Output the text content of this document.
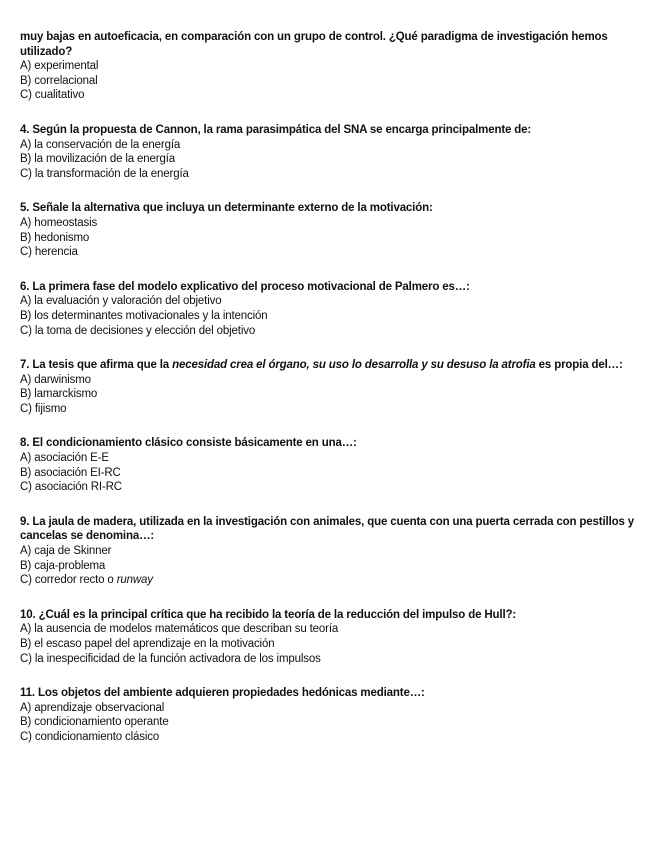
muy bajas en autoeficacia, en comparación con un grupo de control. ¿Qué paradigma de investigación hemos utilizado?

A) experimental

B) correlacional

C) cualitativo

4. Según la propuesta de Cannon, la rama parasimpática del SNA se encarga principalmente de:

A) la conservación de la energía

B) la movilización de la energía

C) la transformación de la energía

5. Señale la alternativa que incluya un determinante externo de la motivación:

A) homeostasis

B) hedonismo

C) herencia

6. La primera fase del modelo explicativo del proceso motivacional de Palmero es…:

A) la evaluación y valoración del objetivo

B) los determinantes motivacionales y la intención

C) la toma de decisiones y elección del objetivo

7. La tesis que afirma que la necesidad crea el órgano, su uso lo desarrolla y su desuso la atrofia es propia del…:

A) darwinismo

B) lamarckismo

C) fijismo

8. El condicionamiento clásico consiste básicamente en una…:

A) asociación E-E

B) asociación EI-RC

C) asociación RI-RC

9. La jaula de madera, utilizada en la investigación con animales, que cuenta con una puerta cerrada con pestillos y cancelas se denomina…:

A) caja de Skinner

B) caja-problema

C) corredor recto o runway

10. ¿Cuál es la principal crítica que ha recibido la teoría de la reducción del impulso de Hull?:

A) la ausencia de modelos matemáticos que describan su teoría

B) el escaso papel del aprendizaje en la motivación

C) la inespecificidad de la función activadora de los impulsos

11. Los objetos del ambiente adquieren propiedades hedónicas mediante…:

A) aprendizaje observacional

B) condicionamiento operante

C) condicionamiento clásico
